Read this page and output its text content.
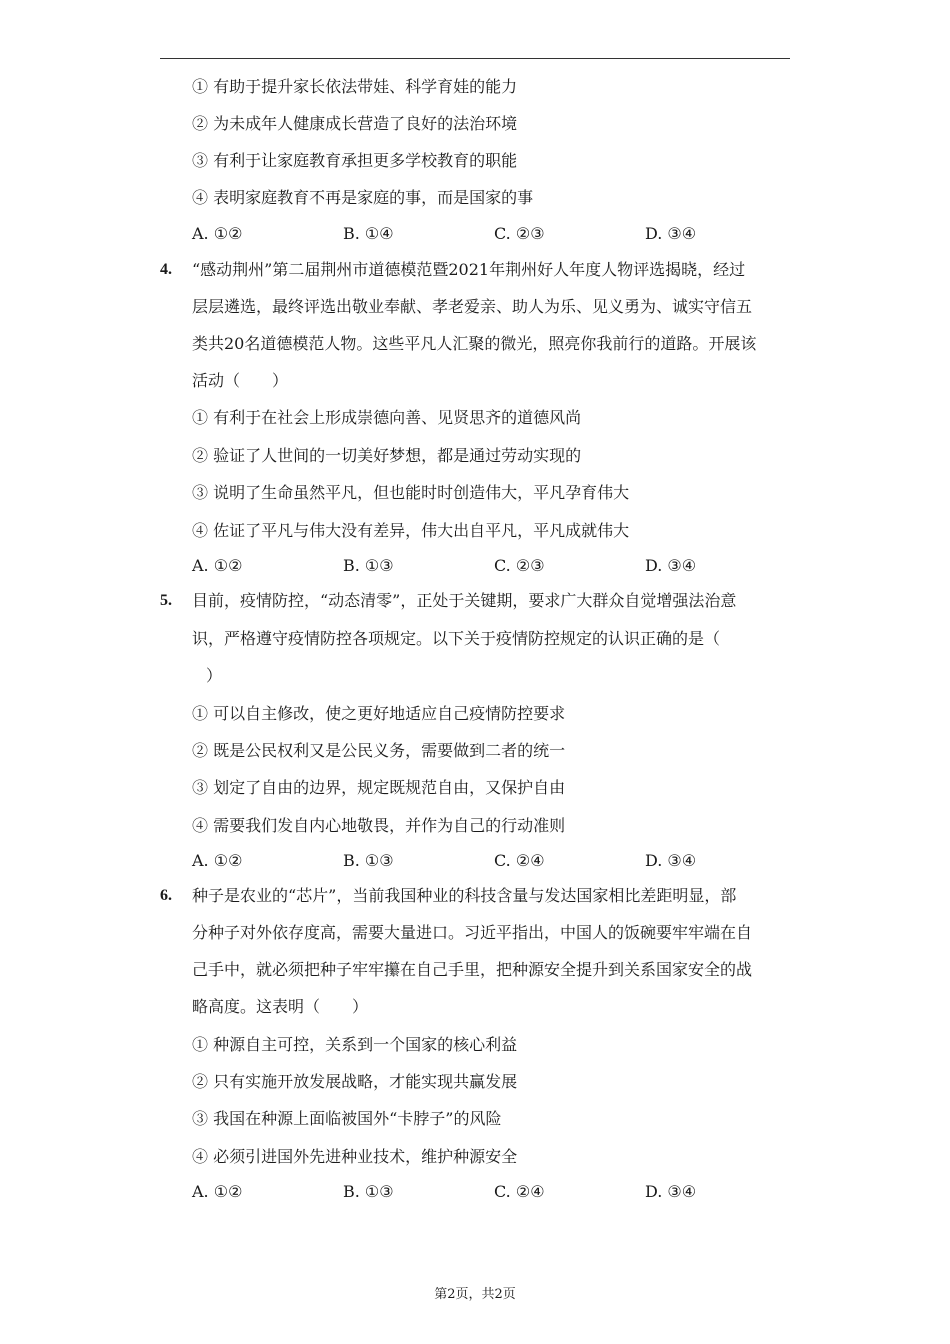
① 有助于提升家长依法带娃、科学育娃的能力
② 为未成年人健康成长营造了良好的法治环境
③ 有利于让家庭教育承担更多学校教育的职能
④ 表明家庭教育不再是家庭的事，而是国家的事
A. ①②	B. ①④	C. ②③	D. ③④
4. “感动荆州”第二届荆州市道德模范暨2021年荆州好人年度人物评选揭晓，经过
层层遴选，最终评选出敬业奉献、孝老爱亲、助人为乐、见义勇为、诚实守信五
类共20名道德模范人物。这些平凡人汇聚的微光，照亮你我前行的道路。开展该
活动（　　）
① 有利于在社会上形成崇德向善、见贤思齐的道德风尚
② 验证了人世间的一切美好梦想，都是通过劳动实现的
③ 说明了生命虽然平凡，但也能时时创造伟大，平凡孕育伟大
④ 佐证了平凡与伟大没有差异，伟大出自平凡，平凡成就伟大
A. ①②	B. ①③	C. ②③	D. ③④
5. 目前，疫情防控，“动态清零”，正处于关键期，要求广大群众自觉增强法治意
识，严格遵守疫情防控各项规定。以下关于疫情防控规定的认识正确的是（
）
① 可以自主修改，使之更好地适应自己疫情防控要求
② 既是公民权利又是公民义务，需要做到二者的统一
③ 划定了自由的边界，规定既规范自由，又保护自由
④ 需要我们发自内心地敬畏，并作为自己的行动准则
A. ①②	B. ①③	C. ②④	D. ③④
6. 种子是农业的“芯片”，当前我国种业的科技含量与发达国家相比差距明显，部
分种子对外依存度高，需要大量进口。习近平指出，中国人的饭碗要牢牢端在自
己手中，就必须把种子牢牢攥在自己手里，把种源安全提升到关系国家安全的战
略高度。这表明（　　）
① 种源自主可控，关系到一个国家的核心利益
② 只有实施开放发展战略，才能实现共赢发展
③ 我国在种源上面临被国外“卡脖子”的风险
④ 必须引进国外先进种业技术，维护种源安全
A. ①②	B. ①③	C. ②④	D. ③④
第2页，共2页
